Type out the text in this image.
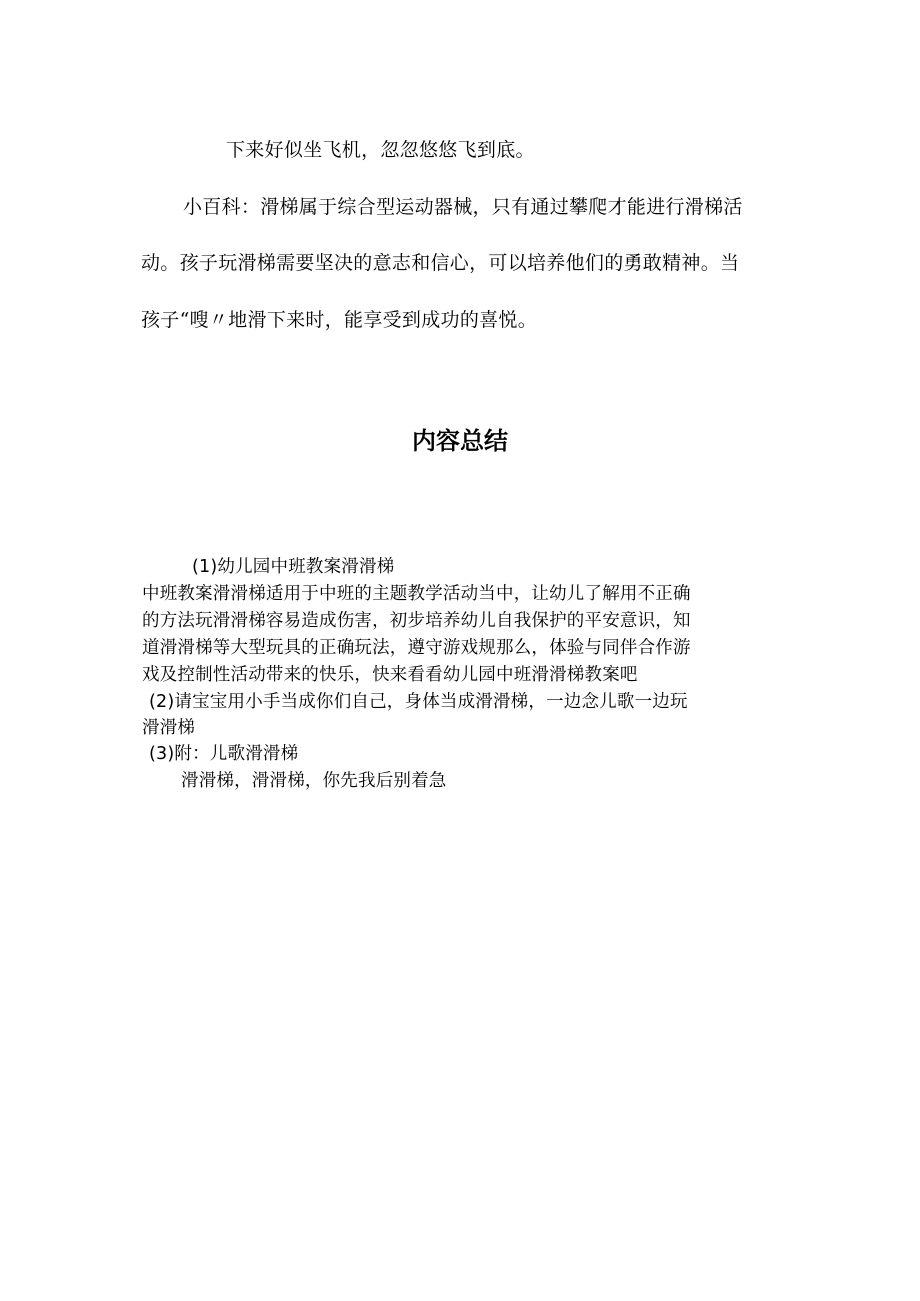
下来好似坐飞机，忽忽悠悠飞到底。

小百科：滑梯属于综合型运动器械，只有通过攀爬才能进行滑梯活

动。孩子玩滑梯需要坚决的意志和信心，可以培养他们的勇敢精神。当

孩子“嗖〃地滑下来时，能享受到成功的喜悦。

内容总结

(1)幼儿园中班教案滑滑梯

中班教案滑滑梯适用于中班的主题教学活动当中，让幼儿了解用不正确

的方法玩滑滑梯容易造成伤害，初步培养幼儿自我保护的平安意识，知

道滑滑梯等大型玩具的正确玩法，遵守游戏规那么，体验与同伴合作游

戏及控制性活动带来的快乐，快来看看幼儿园中班滑滑梯教案吧

(2)请宝宝用小手当成你们自己，身体当成滑滑梯，一边念儿歌一边玩

滑滑梯

(3)附：儿歌滑滑梯

滑滑梯，滑滑梯，你先我后别着急
